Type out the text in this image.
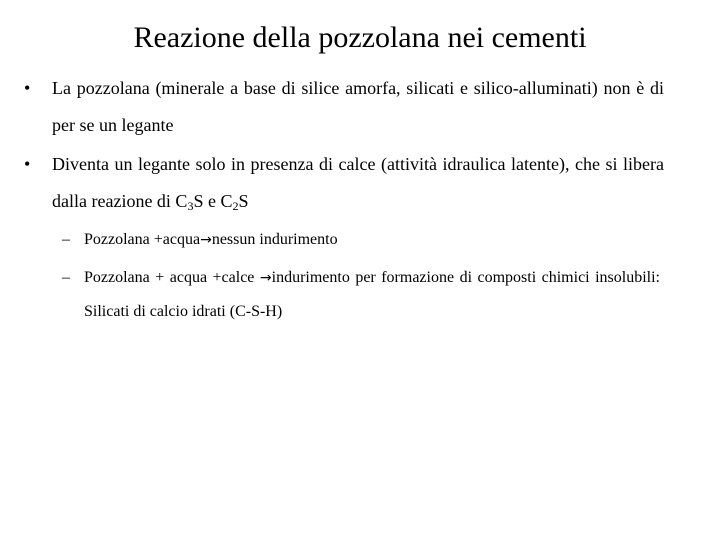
Reazione della pozzolana nei cementi
•	La pozzolana (minerale a base di silice amorfa, silicati e silico-alluminati) non è di per se un legante
•	Diventa un legante solo in presenza di calce (attività idraulica latente), che si libera dalla reazione di $C_3S$ e $C_2S$
– Pozzolana +acqua→nessun indurimento
– Pozzolana + acqua +calce →indurimento per formazione di composti chimici insolubili: Silicati di calcio idrati (C-S-H)
